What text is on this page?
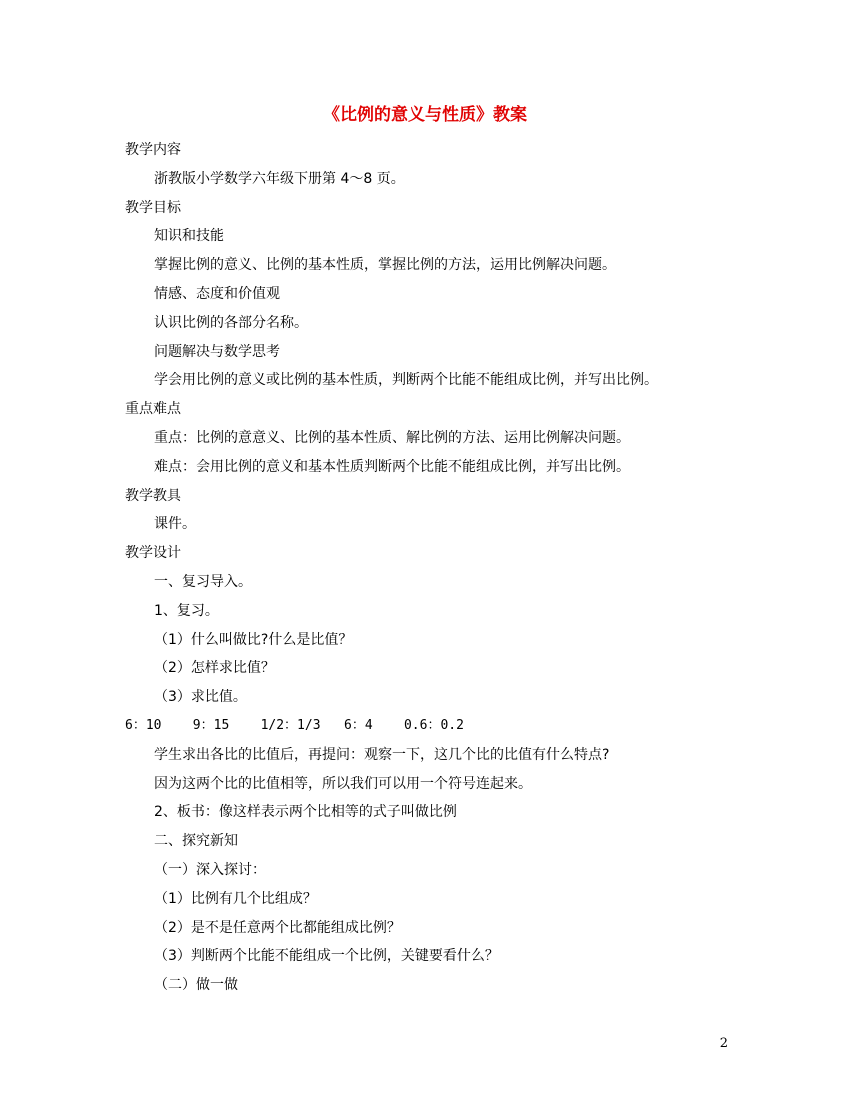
《比例的意义与性质》教案
教学内容
浙教版小学数学六年级下册第 4～8 页。
教学目标
知识和技能
掌握比例的意义、比例的基本性质，掌握比例的方法，运用比例解决问题。
情感、态度和价值观
认识比例的各部分名称。
问题解决与数学思考
学会用比例的意义或比例的基本性质，判断两个比能不能组成比例，并写出比例。
重点难点
重点：比例的意意义、比例的基本性质、解比例的方法、运用比例解决问题。
难点：会用比例的意义和基本性质判断两个比能不能组成比例，并写出比例。
教学教具
课件。
教学设计
一、复习导入。
1、复习。
（1）什么叫做比?什么是比值？
（2）怎样求比值？
（3）求比值。
6：10    9：15    1/2：1/3   6：4    0.6：0.2
学生求出各比的比值后，再提问：观察一下，这几个比的比值有什么特点?
因为这两个比的比值相等，所以我们可以用一个符号连起来。
2、板书：像这样表示两个比相等的式子叫做比例
二、探究新知
（一）深入探讨：
（1）比例有几个比组成？
（2）是不是任意两个比都能组成比例？
（3）判断两个比能不能组成一个比例，关键要看什么？
（二）做一做
2
